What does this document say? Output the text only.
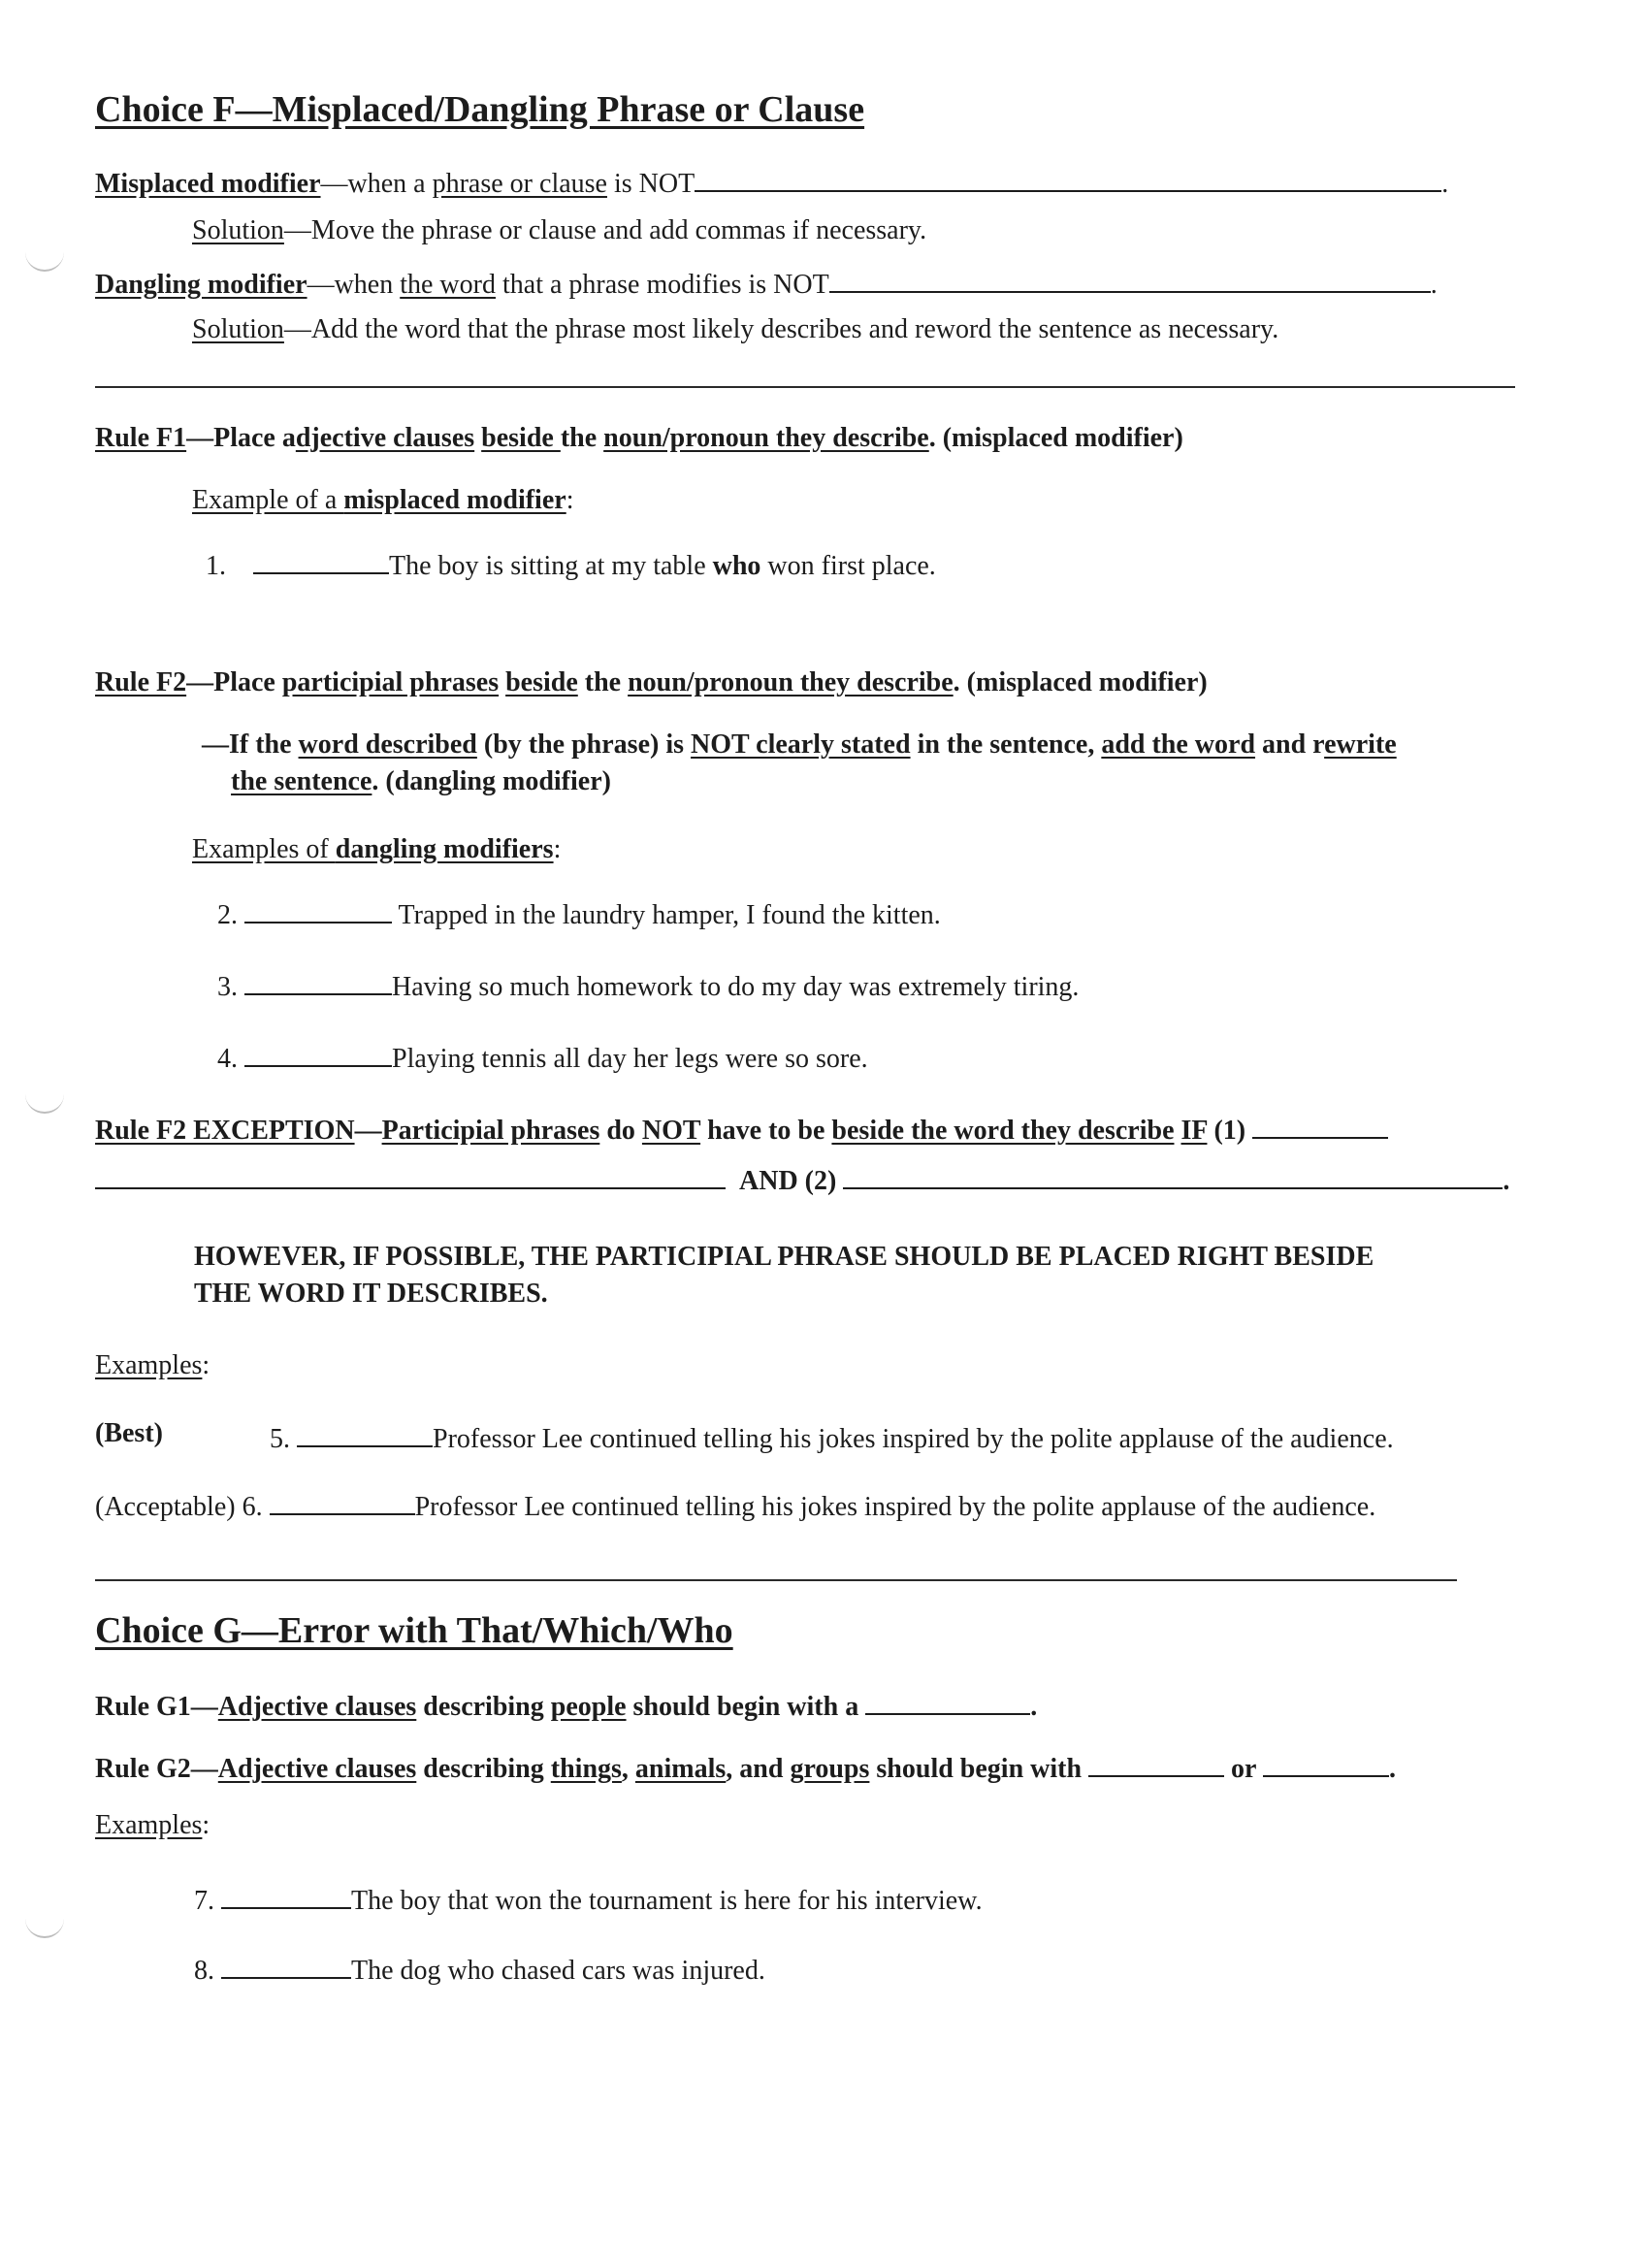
Choice F—Misplaced/Dangling Phrase or Clause
Misplaced modifier—when a phrase or clause is NOT	.
Solution—Move the phrase or clause and add commas if necessary.
Dangling modifier—when the word that a phrase modifies is NOT	.
Solution—Add the word that the phrase most likely describes and reword the sentence as necessary.
Rule F1—Place adjective clauses beside the noun/pronoun they describe. (misplaced modifier)
Example of a misplaced modifier:
1.	The boy is sitting at my table who won first place.
Rule F2—Place participial phrases beside the noun/pronoun they describe. (misplaced modifier)
—If the word described (by the phrase) is NOT clearly stated in the sentence, add the word and rewrite
the sentence. (dangling modifier)
Examples of dangling modifiers:
2.	Trapped in the laundry hamper, I found the kitten.
3.	Having so much homework to do my day was extremely tiring.
4.	Playing tennis all day her legs were so sore.
Rule F2 EXCEPTION—Participial phrases do NOT have to be beside the word they describe IF (1)
AND (2)	.
HOWEVER, IF POSSIBLE, THE PARTICIPIAL PHRASE SHOULD BE PLACED RIGHT BESIDE
THE WORD IT DESCRIBES.
Examples:
(Best)	5.	Professor Lee continued telling his jokes inspired by the polite applause of the audience.
(Acceptable) 6.	Professor Lee continued telling his jokes inspired by the polite applause of the audience.
Choice G—Error with That/Which/Who
Rule G1—Adjective clauses describing people should begin with a	.
Rule G2—Adjective clauses describing things, animals, and groups should begin with	or	.
Examples:
7.	The boy that won the tournament is here for his interview.
8.	The dog who chased cars was injured.
